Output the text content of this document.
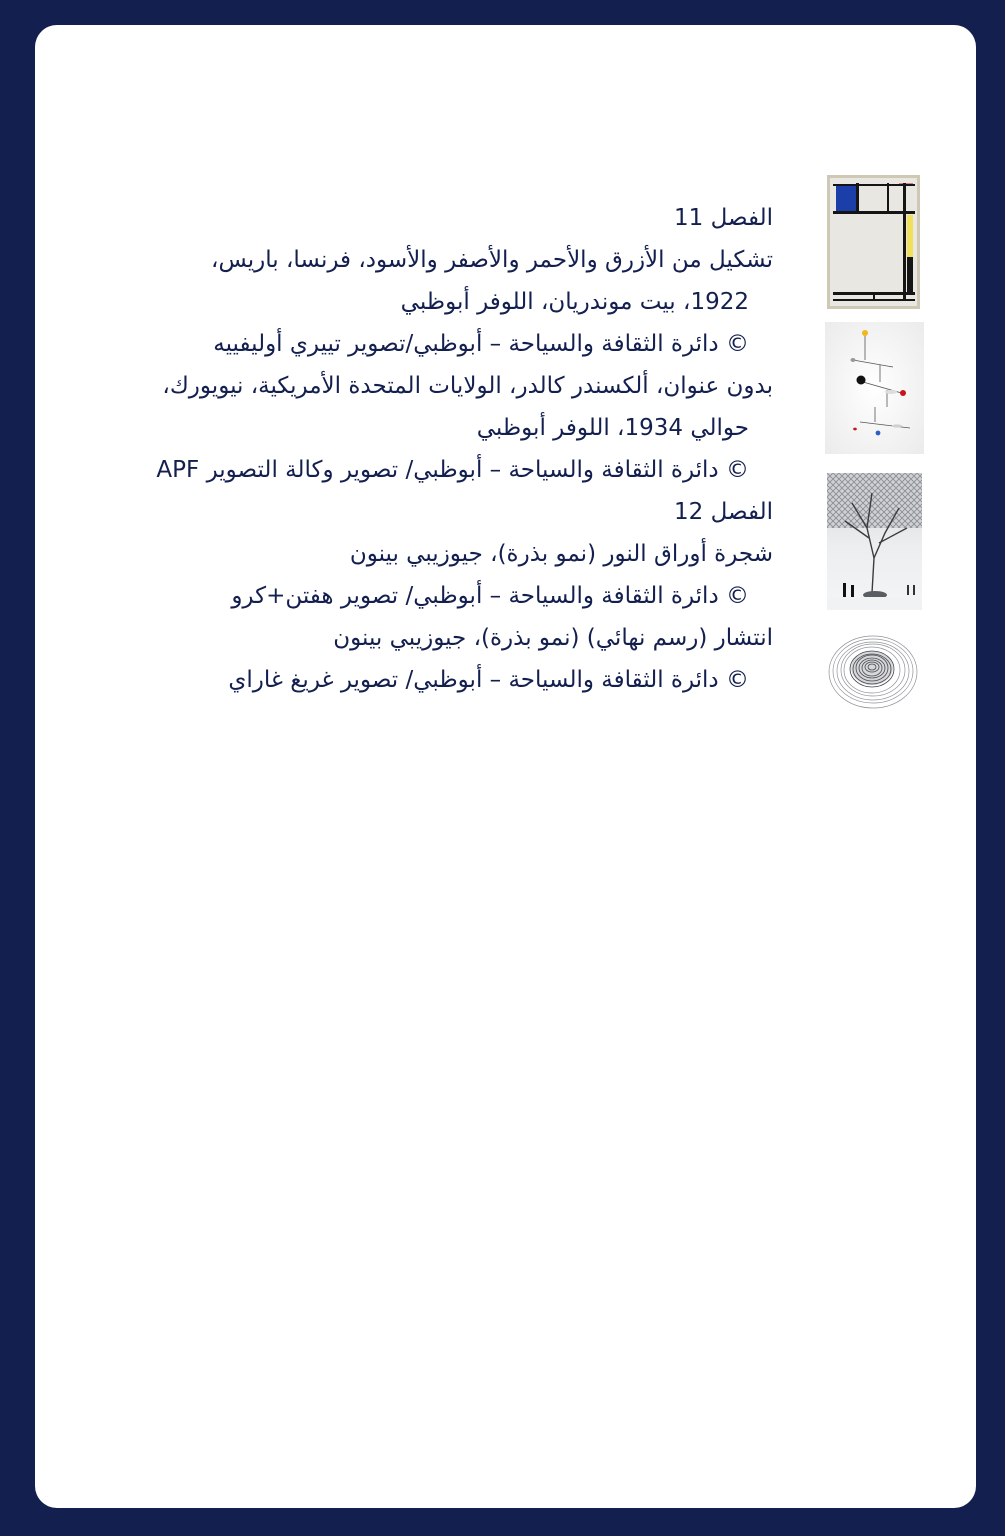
الفصل 11

تشكيل من الأزرق والأحمر والأصفر والأسود، فرنسا، باريس،

1922، بيت موندريان، اللوفر أبوظبي

© دائرة الثقافة والسياحة – أبوظبي/تصوير تييري أوليفييه

بدون عنوان، ألكسندر كالدر، الولايات المتحدة الأمريكية، نيويورك،

حوالي 1934، اللوفر أبوظبي

© دائرة الثقافة والسياحة – أبوظبي/ تصوير وكالة التصوير APF

الفصل 12

شجرة أوراق النور (نمو بذرة)، جيوزيبي بينون

© دائرة الثقافة والسياحة – أبوظبي/ تصوير هفتن+كرو

انتشار (رسم نهائي) (نمو بذرة)، جيوزيبي بينون

© دائرة الثقافة والسياحة – أبوظبي/ تصوير غريغ غاراي
